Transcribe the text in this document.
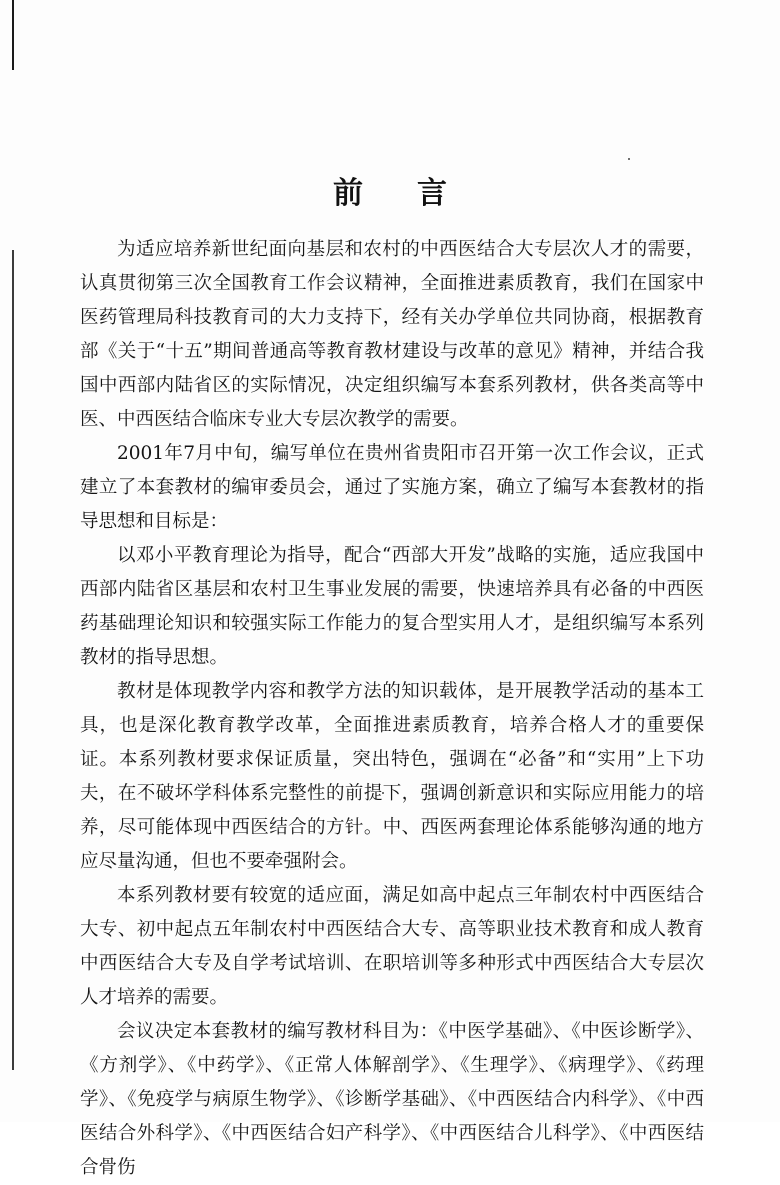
前言

为适应培养新世纪面向基层和农村的中西医结合大专层次人才的需要，认真贯彻第三次全国教育工作会议精神，全面推进素质教育，我们在国家中医药管理局科技教育司的大力支持下，经有关办学单位共同协商，根据教育部《关于“十五”期间普通高等教育教材建设与改革的意见》精神，并结合我国中西部内陆省区的实际情况，决定组织编写本套系列教材，供各类高等中医、中西医结合临床专业大专层次教学的需要。

2001年7月中旬，编写单位在贵州省贵阳市召开第一次工作会议，正式建立了本套教材的编审委员会，通过了实施方案，确立了编写本套教材的指导思想和目标是：

以邓小平教育理论为指导，配合“西部大开发”战略的实施，适应我国中西部内陆省区基层和农村卫生事业发展的需要，快速培养具有必备的中西医药基础理论知识和较强实际工作能力的复合型实用人才，是组织编写本系列教材的指导思想。

教材是体现教学内容和教学方法的知识载体，是开展教学活动的基本工具，也是深化教育教学改革，全面推进素质教育，培养合格人才的重要保证。本系列教材要求保证质量，突出特色，强调在“必备”和“实用”上下功夫，在不破坏学科体系完整性的前提下，强调创新意识和实际应用能力的培养，尽可能体现中西医结合的方针。中、西医两套理论体系能够沟通的地方应尽量沟通，但也不要牵强附会。

本系列教材要有较宽的适应面，满足如高中起点三年制农村中西医结合大专、初中起点五年制农村中西医结合大专、高等职业技术教育和成人教育中西医结合大专及自学考试培训、在职培训等多种形式中西医结合大专层次人才培养的需要。

会议决定本套教材的编写教材科目为：《中医学基础》、《中医诊断学》、《方剂学》、《中药学》、《正常人体解剖学》、《生理学》、《病理学》、《药理学》、《免疫学与病原生物学》、《诊断学基础》、《中西医结合内科学》、《中西医结合外科学》、《中西医结合妇产科学》、《中西医结合儿科学》、《中西医结合骨伤
